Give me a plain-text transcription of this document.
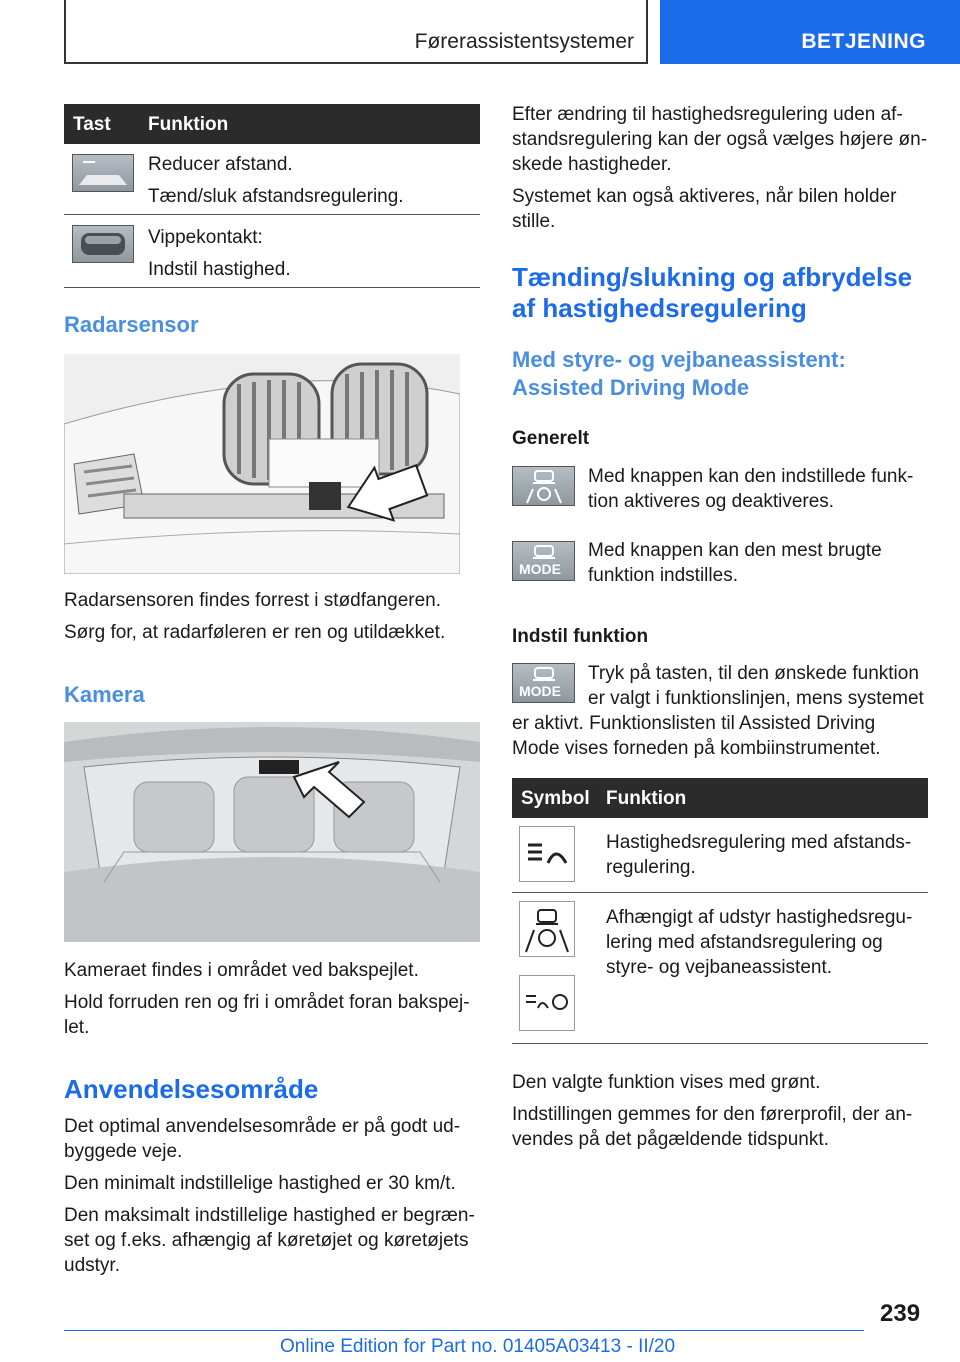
Førerassistentsystemer	BETJENING
Tast Funktion

Reducer afstand.

Tænd/sluk afstandsregulering.

Vippekontakt:

Indstil hastighed.

Radarsensor

Radarsensoren findes forrest i stødfangeren.

Sørg for, at radarføleren er ren og utildækket.

Kamera

Kameraet findes i området ved bakspejlet.

Hold forruden ren og fri i området foran bakspej‐

let.

Anvendelsesområde

Det optimal anvendelsesområde er på godt ud‐

byggede veje.

Den minimalt indstillelige hastighed er 30 km/t.

Den maksimalt indstillelige hastighed er begræn‐

set og f.eks. afhængig af køretøjet og køretøjets

udstyr.

Efter ændring til hastighedsregulering uden af‐

standsregulering kan der også vælges højere øn‐

skede hastigheder.

Systemet kan også aktiveres, når bilen holder

stille.

Tænding/slukning og afbrydelse

af hastighedsregulering

Med styre- og vejbaneassistent:

Assisted Driving Mode

Generelt

Med knappen kan den indstillede funk‐

tion aktiveres og deaktiveres.

MODE

Med knappen kan den mest brugte

funktion indstilles.

Indstil funktion

MODE

Tryk på tasten, til den ønskede funktion

er valgt i funktionslinjen, mens systemet

er aktivt. Funktionslisten til Assisted Driving

Mode vises forneden på kombiinstrumentet.

Symbol Funktion

Hastighedsregulering med afstands‐

regulering.

Afhængigt af udstyr hastighedsregu‐

lering med afstandsregulering og

styre- og vejbaneassistent.

Den valgte funktion vises med grønt.

Indstillingen gemmes for den førerprofil, der an‐

vendes på det pågældende tidspunkt.

239
Online Edition for Part no. 01405A03413 - II/20
